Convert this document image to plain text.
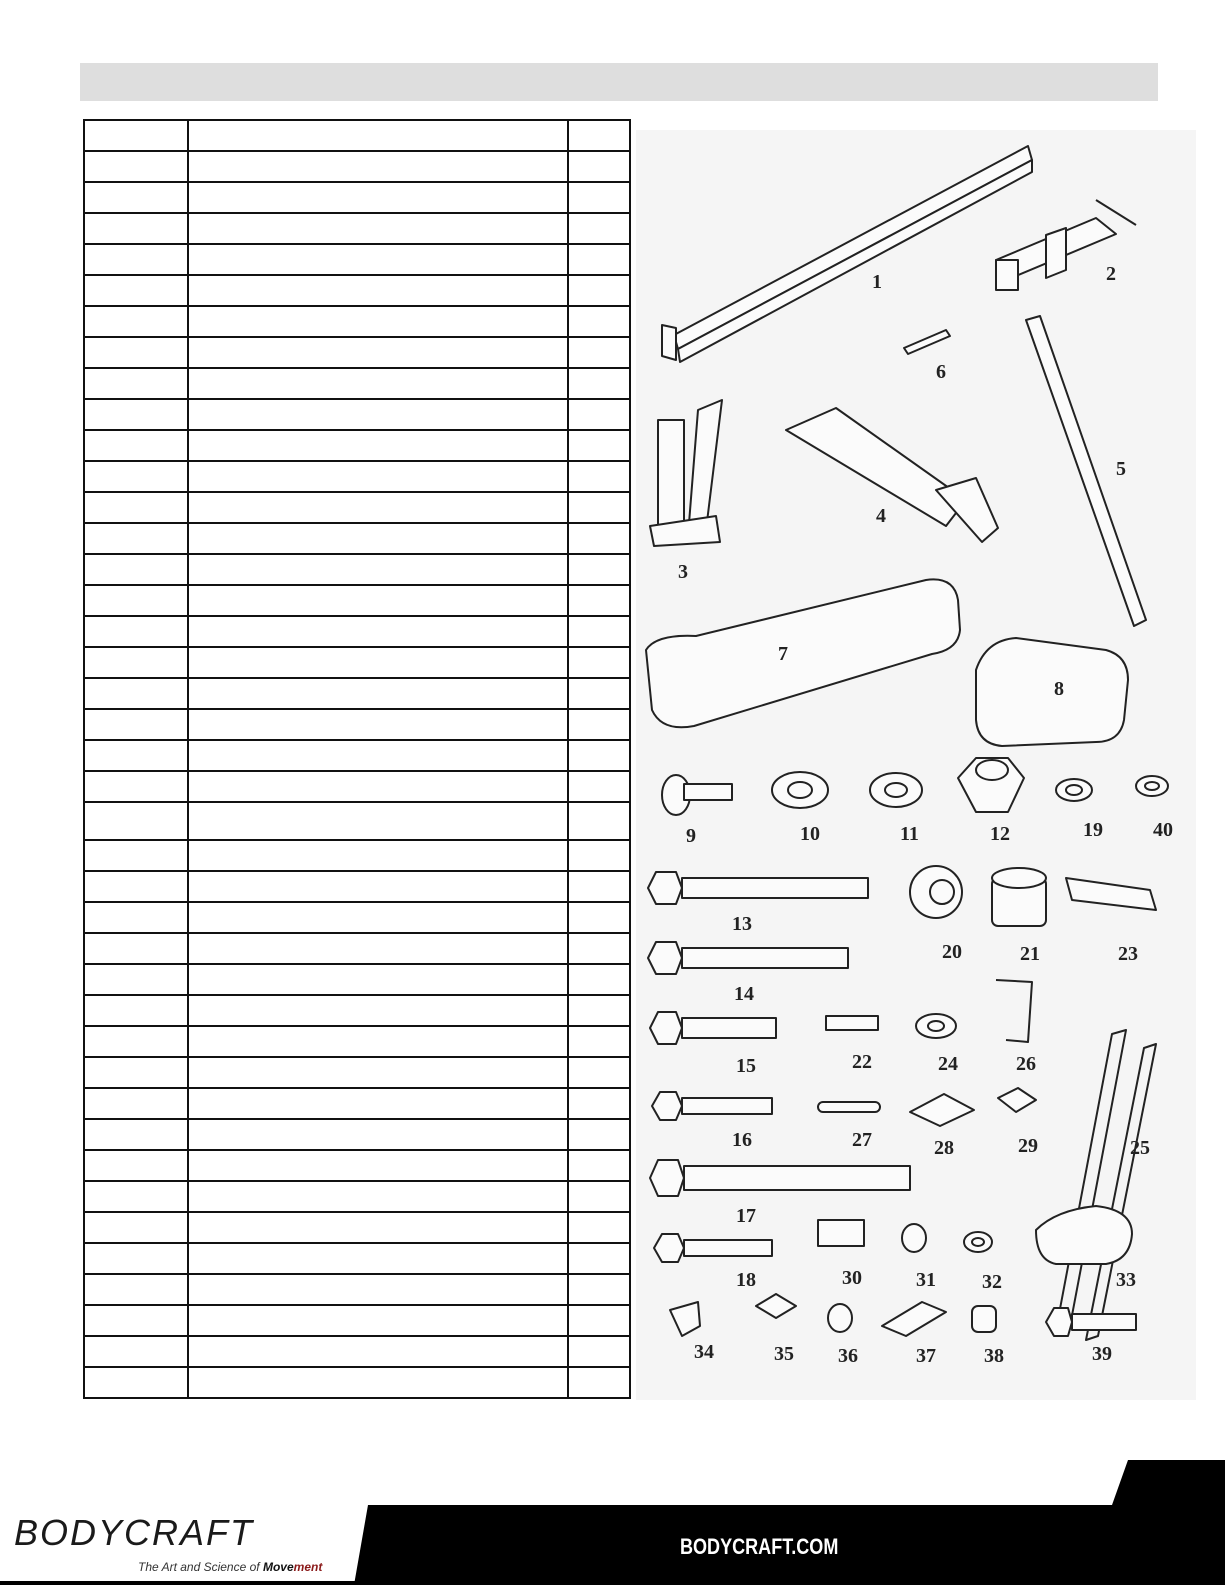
1	2
3
4
5
6
7
8
9	10	11	12	19	40
13
20	21	23
14
15	22	24	26
25
16	27	28	29
17
18	30	31 32	33
34	35 36	37 38	39
BODYCRAFT
The Art and Science of Movement
BODYCRAFT.COM
